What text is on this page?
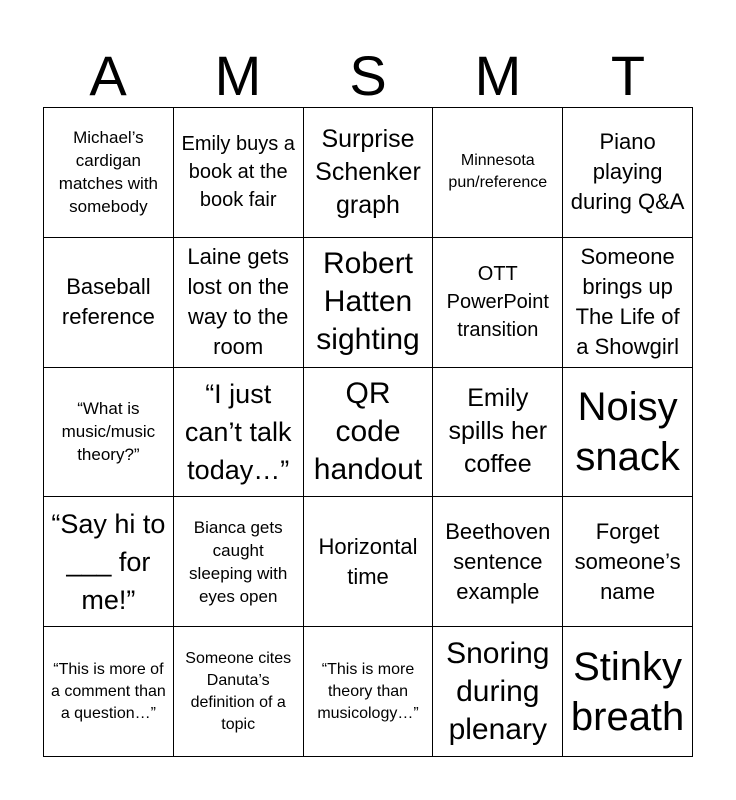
A	M	S	M	T
Michael’s cardigan matches with somebody
Emily buys a book at the book fair
Surprise Schenker graph
Minnesota pun/reference
Piano playing during Q&A
Baseball reference
Laine gets lost on the way to the room
Robert Hatten sighting
OTT PowerPoint transition
Someone brings up The Life of a Showgirl
“What is music/music theory?”
“I just can’t talk today…”
QR code handout
Emily spills her coffee
Noisy snack
“Say hi to ___ for me!”
Bianca gets caught sleeping with eyes open
Horizontal time
Beethoven sentence example
Forget someone’s name
“This is more of a comment than a question…”
Someone cites Danuta’s definition of a topic
“This is more theory than musicology…”
Snoring during plenary
Stinky breath
